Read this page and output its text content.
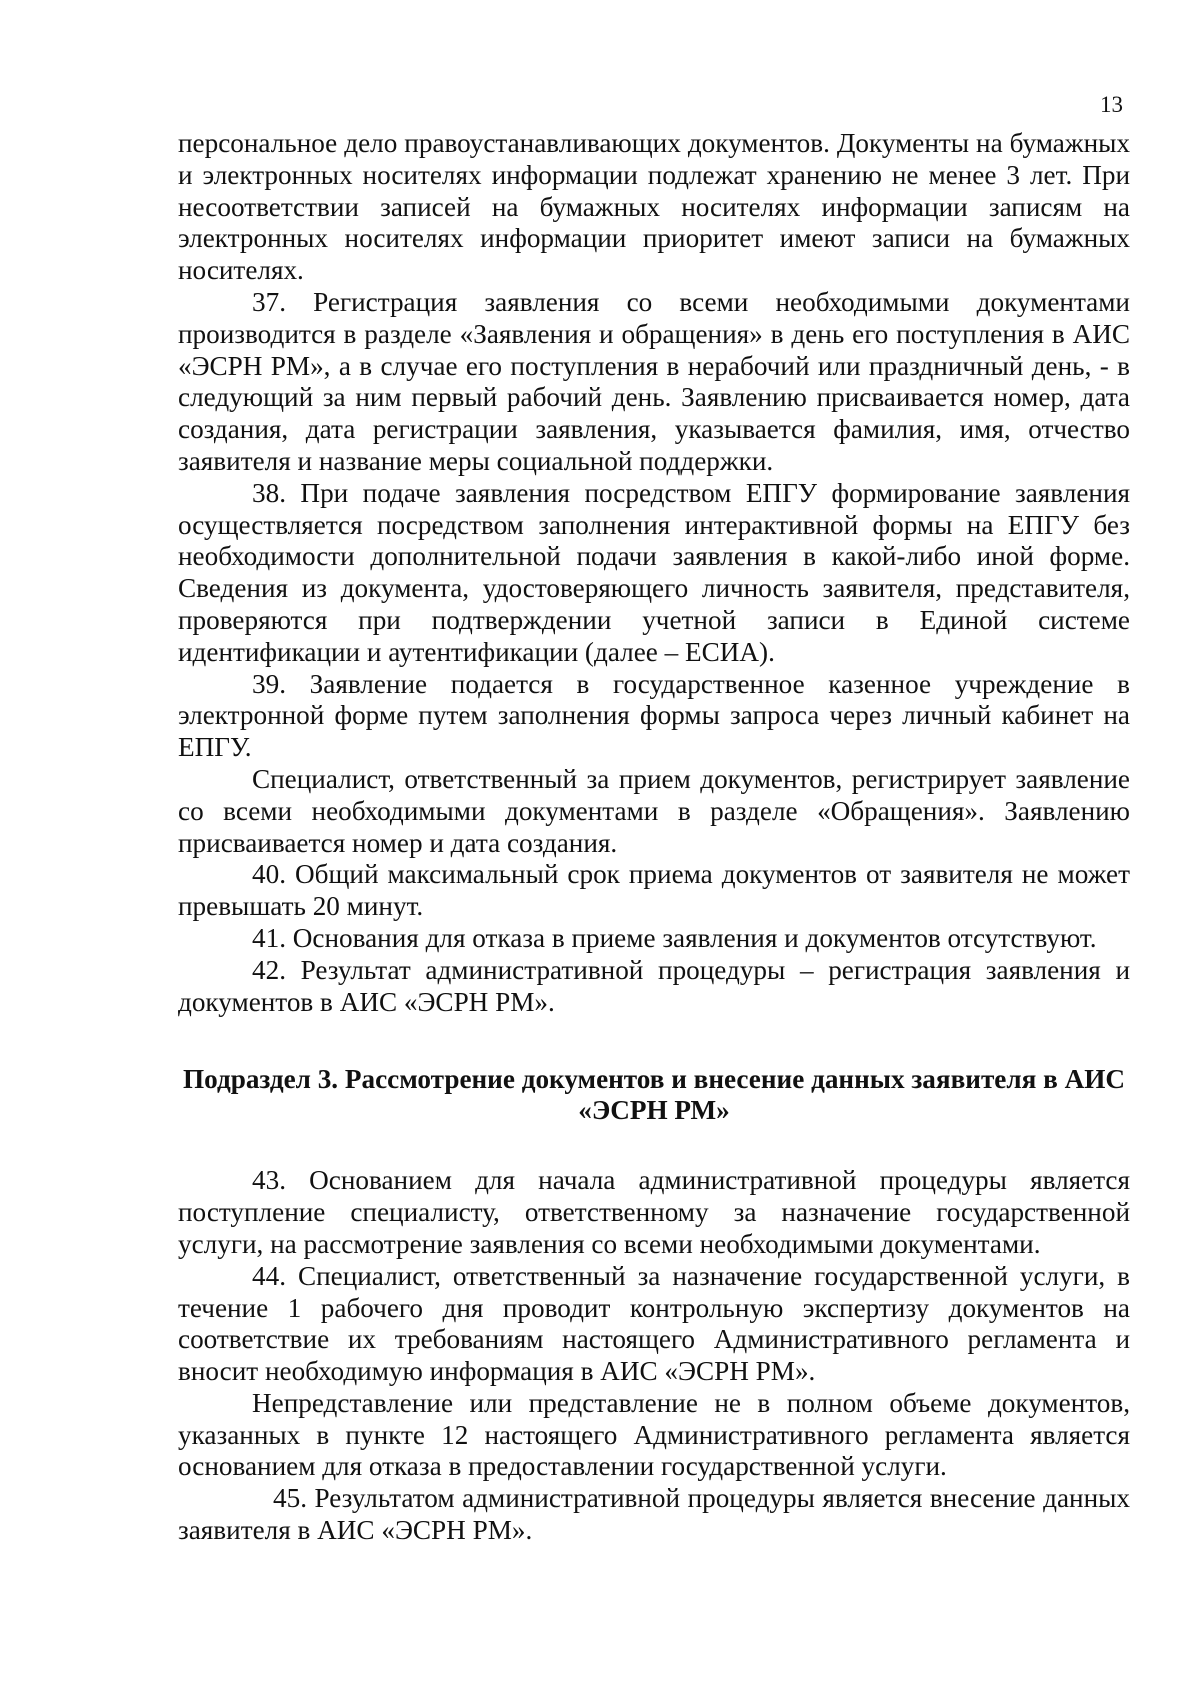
13

персональное дело правоустанавливающих документов. Документы на бумажных и электронных носителях информации подлежат хранению не менее 3 лет. При несоответствии записей на бумажных носителях информации записям на электронных носителях информации приоритет имеют записи на бумажных носителях.

37. Регистрация заявления со всеми необходимыми документами производится в разделе «Заявления и обращения» в день его поступления в АИС «ЭСРН РМ», а в случае его поступления в нерабочий или праздничный день, - в следующий за ним первый рабочий день. Заявлению присваивается номер, дата создания, дата регистрации заявления, указывается фамилия, имя, отчество заявителя и название меры социальной поддержки.

38. При подаче заявления посредством ЕПГУ формирование заявления осуществляется посредством заполнения интерактивной формы на ЕПГУ без необходимости дополнительной подачи заявления в какой-либо иной форме. Сведения из документа, удостоверяющего личность заявителя, представителя, проверяются при подтверждении учетной записи в Единой системе идентификации и аутентификации (далее – ЕСИА).

39. Заявление подается в государственное казенное учреждение в электронной форме путем заполнения формы запроса через личный кабинет на ЕПГУ.

Специалист, ответственный за прием документов, регистрирует заявление со всеми необходимыми документами в разделе «Обращения». Заявлению присваивается номер и дата создания.

40. Общий максимальный срок приема документов от заявителя не может превышать 20 минут.

41. Основания для отказа в приеме заявления и документов отсутствуют.

42. Результат административной процедуры – регистрация заявления и документов в АИС «ЭСРН РМ».

Подраздел 3. Рассмотрение документов и внесение данных заявителя в АИС «ЭСРН РМ»

43. Основанием для начала административной процедуры является поступление специалисту, ответственному за назначение государственной услуги, на рассмотрение заявления со всеми необходимыми документами.

44. Специалист, ответственный за назначение государственной услуги, в течение 1 рабочего дня проводит контрольную экспертизу документов на соответствие их требованиям настоящего Административного регламента и вносит необходимую информация в АИС «ЭСРН РМ».

Непредставление или представление не в полном объеме документов, указанных в пункте 12 настоящего Административного регламента является основанием для отказа в предоставлении государственной услуги.

45. Результатом административной процедуры является внесение данных заявителя в АИС «ЭСРН РМ».
